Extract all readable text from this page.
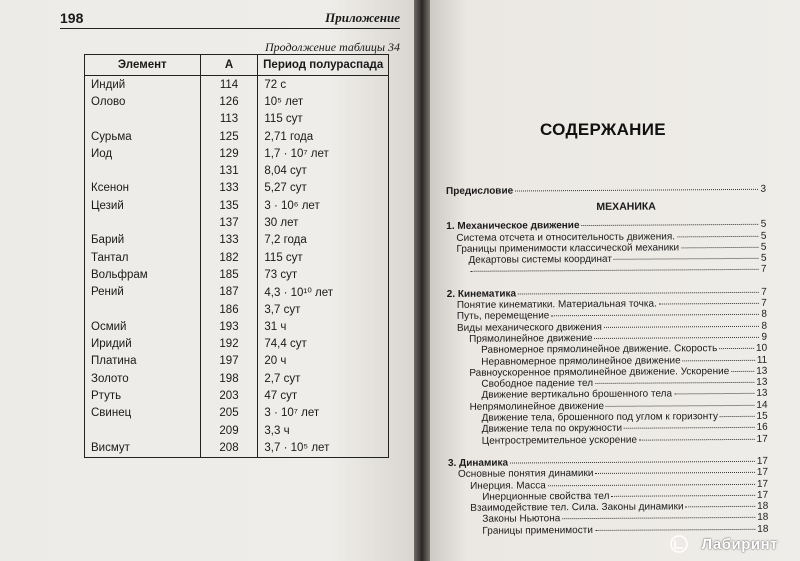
198	Приложение
Продолжение таблицы 34
Элемент	A	Период полураспада
Индий	114	72 с
Олово	126	10⁵ лет
	113	115 сут
Сурьма	125	2,71 года
Иод	129	1,7 · 10⁷ лет
	131	8,04 сут
Ксенон	133	5,27 сут
Цезий	135	3 · 10⁶ лет
	137	30 лет
Барий	133	7,2 года
Тантал	182	115 сут
Вольфрам	185	73 сут
Рений	187	4,3 · 10¹⁰ лет
	186	3,7 сут
Осмий	193	31 ч
Иридий	192	74,4 сут
Платина	197	20 ч
Золото	198	2,7 сут
Ртуть	203	47 сут
Свинец	205	3 · 10⁷ лет
	209	3,3 ч
Висмут	208	3,7 · 10⁵ лет
СОДЕРЖАНИЕ
Предисловие	3
МЕХАНИКА
1. Механическое движение	5
Система отсчета и относительность движения.	5
Границы применимости классической механики	5
Декартовы системы координат	5
7
2. Кинематика	7
Понятие кинематики. Материальная точка.	7
Путь, перемещение	8
Виды механического движения	8
Прямолинейное движение	9
Равномерное прямолинейное движение. Скорость	10
Неравномерное прямолинейное движение	11
Равноускоренное прямолинейное движение. Ускорение	13
Свободное падение тел	13
Движение вертикально брошенного тела	13
Непрямолинейное движение	14
Движение тела, брошенного под углом к горизонту	15
Движение тела по окружности	16
Центростремительное ускорение	17
3. Динамика	17
Основные понятия динамики	17
Инерция. Масса	17
Инерционные свойства тел	17
Взаимодействие тел. Сила. Законы динамики	18
Законы Ньютона	18
Границы применимости	18
Лабиринт
